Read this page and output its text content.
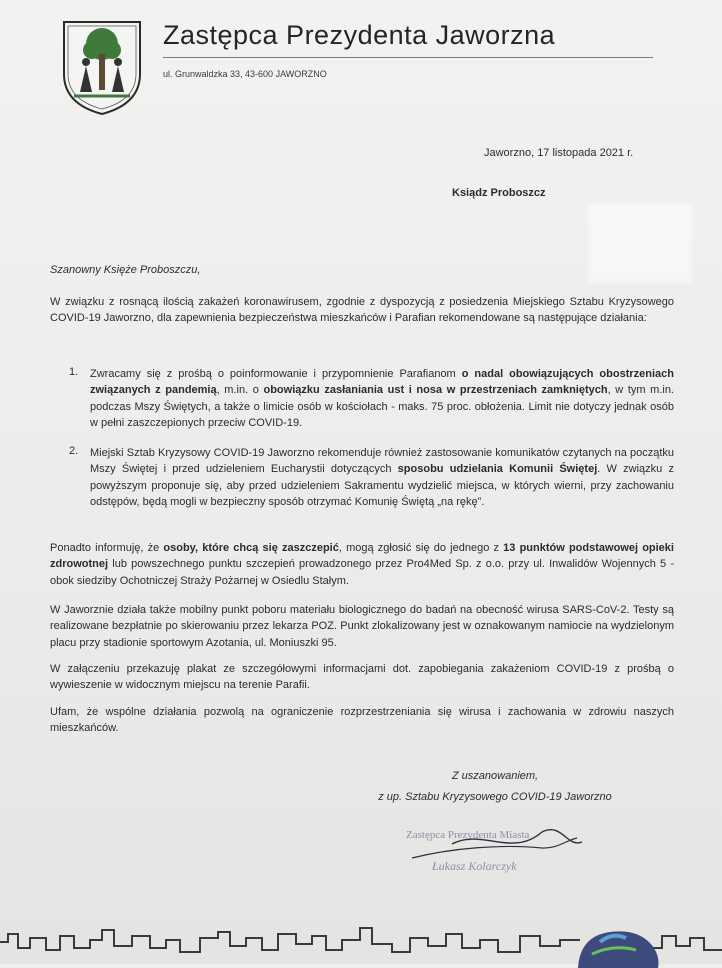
Zastępca Prezydenta Jaworzna
ul. Grunwaldzka 33, 43-600 JAWORZNO
Jaworzno, 17 listopada 2021 r.
Ksiądz Proboszcz
Szanowny Księże Proboszczu,

W związku z rosnącą ilością zakażeń koronawirusem, zgodnie z dyspozycją z posiedzenia Miejskiego Sztabu Kryzysowego COVID-19 Jaworzno, dla zapewnienia bezpieczeństwa mieszkańców i Parafian rekomendowane są następujące działania:

1. Zwracamy się z prośbą o poinformowanie i przypomnienie Parafianom o nadal obowiązujących obostrzeniach związanych z pandemią, m.in. o obowiązku zasłaniania ust i nosa w przestrzeniach zamkniętych, w tym m.in. podczas Mszy Świętych, a także o limicie osób w kościołach - maks. 75 proc. obłożenia. Limit nie dotyczy jednak osób w pełni zaszczepionych przeciw COVID-19.

2. Miejski Sztab Kryzysowy COVID-19 Jaworzno rekomenduje również zastosowanie komunikatów czytanych na początku Mszy Świętej i przed udzieleniem Eucharystii dotyczących sposobu udzielania Komunii Świętej. W związku z powyższym proponuje się, aby przed udzieleniem Sakramentu wydzielić miejsca, w których wierni, przy zachowaniu odstępów, będą mogli w bezpieczny sposób otrzymać Komunię Świętą „na rękę”.

Ponadto informuję, że osoby, które chcą się zaszczepić, mogą zgłosić się do jednego z 13 punktów podstawowej opieki zdrowotnej lub powszechnego punktu szczepień prowadzonego przez Pro4Med Sp. z o.o. przy ul. Inwalidów Wojennych 5 - obok siedziby Ochotniczej Straży Pożarnej w Osiedlu Stałym.

W Jaworznie działa także mobilny punkt poboru materiału biologicznego do badań na obecność wirusa SARS-CoV-2. Testy są realizowane bezpłatnie po skierowaniu przez lekarza POZ. Punkt zlokalizowany jest w oznakowanym namiocie na wydzielonym placu przy stadionie sportowym Azotania, ul. Moniuszki 95.

W załączeniu przekazuję plakat ze szczegółowymi informacjami dot. zapobiegania zakażeniom COVID-19 z prośbą o wywieszenie w widocznym miejscu na terenie Parafii.

Ufam, że wspólne działania pozwolą na ograniczenie rozprzestrzeniania się wirusa i zachowania w zdrowiu naszych mieszkańców.

Z uszanowaniem,
z up. Sztabu Kryzysowego COVID-19 Jaworzno
Zastępca Prezydenta Miasta
Łukasz Kolarczyk
